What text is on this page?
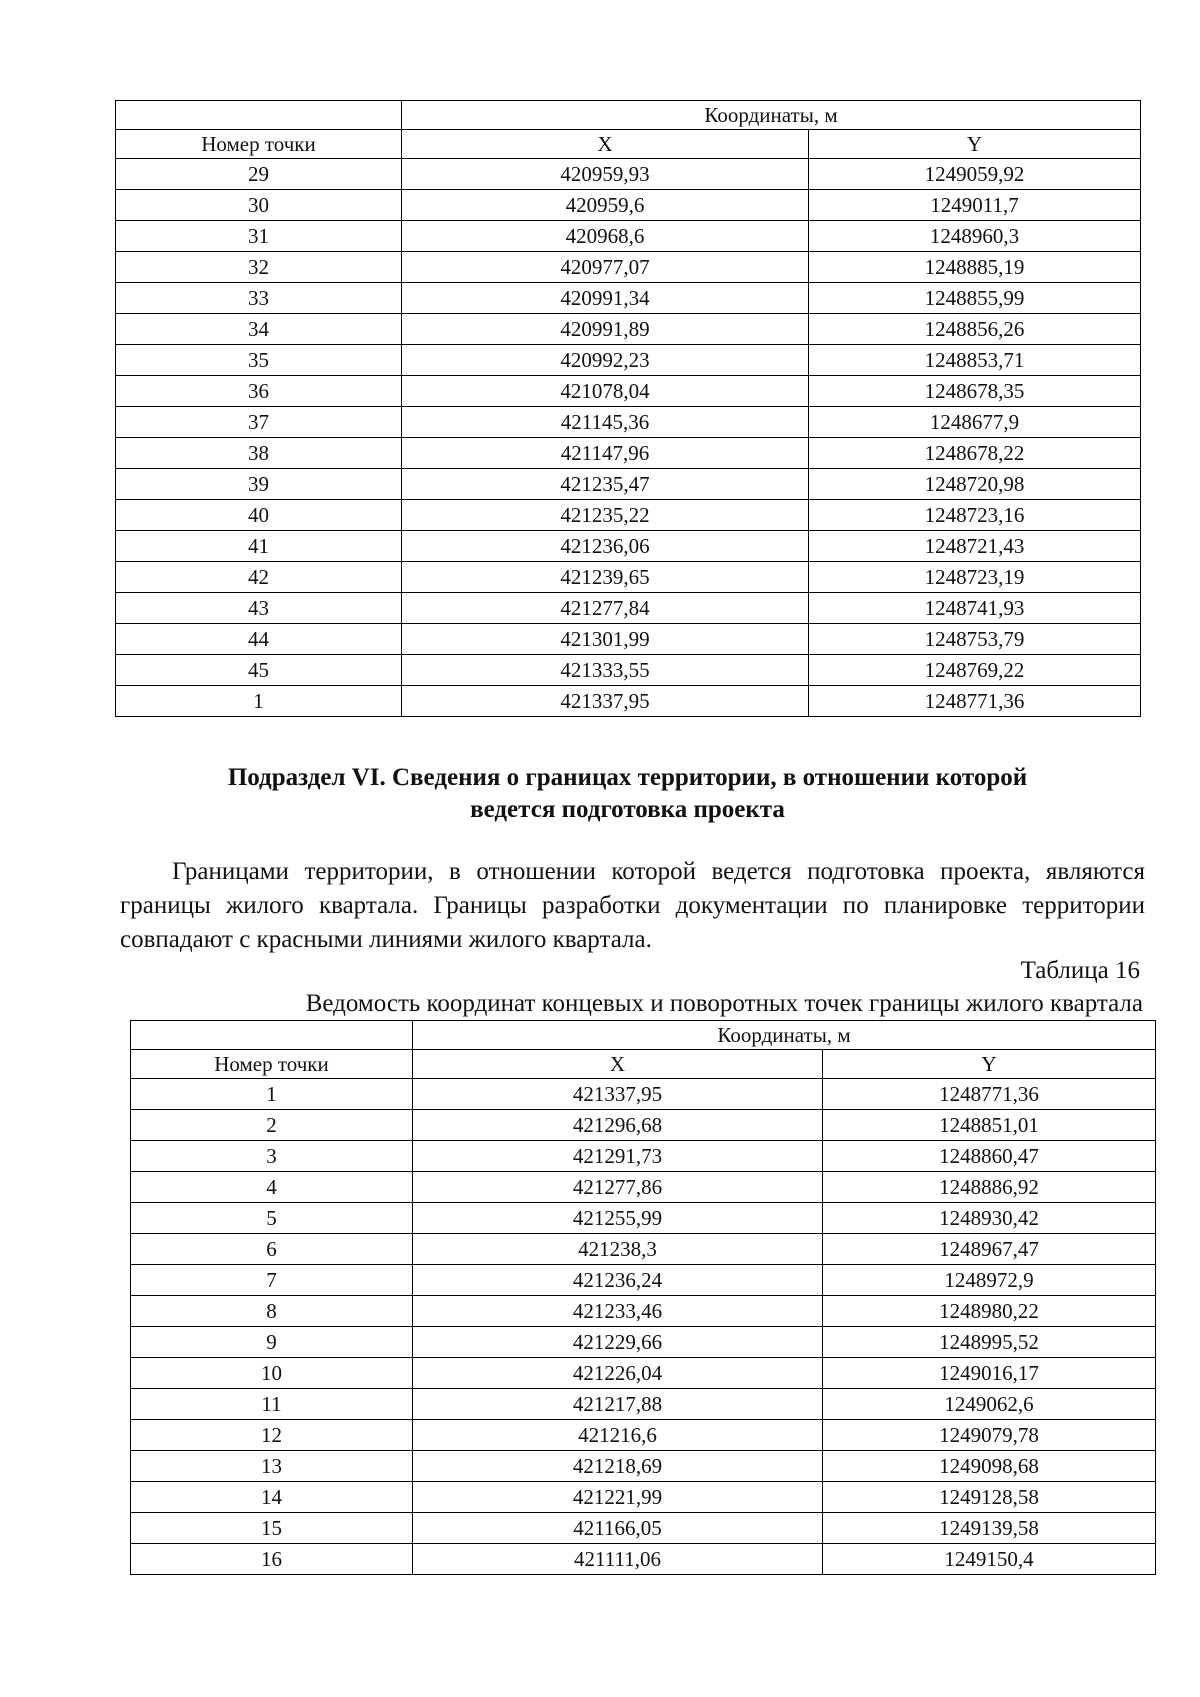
	Координаты, м	
Номер точки	X	Y
29	420959,93	1249059,92
30	420959,6	1249011,7
31	420968,6	1248960,3
32	420977,07	1248885,19
33	420991,34	1248855,99
34	420991,89	1248856,26
35	420992,23	1248853,71
36	421078,04	1248678,35
37	421145,36	1248677,9
38	421147,96	1248678,22
39	421235,47	1248720,98
40	421235,22	1248723,16
41	421236,06	1248721,43
42	421239,65	1248723,19
43	421277,84	1248741,93
44	421301,99	1248753,79
45	421333,55	1248769,22
1	421337,95	1248771,36
Подраздел VI. Сведения о границах территории, в отношении которой
ведется подготовка проекта

Границами территории, в отношении которой ведется подготовка проекта, являются границы жилого квартала. Границы разработки документации по планировке территории совпадают с красными линиями жилого квартала.

Таблица 16

Ведомость координат концевых и поворотных точек границы жилого квартала

	Координаты, м	
Номер точки	X	Y
1	421337,95	1248771,36
2	421296,68	1248851,01
3	421291,73	1248860,47
4	421277,86	1248886,92
5	421255,99	1248930,42
6	421238,3	1248967,47
7	421236,24	1248972,9
8	421233,46	1248980,22
9	421229,66	1248995,52
10	421226,04	1249016,17
11	421217,88	1249062,6
12	421216,6	1249079,78
13	421218,69	1249098,68
14	421221,99	1249128,58
15	421166,05	1249139,58
16	421111,06	1249150,4
